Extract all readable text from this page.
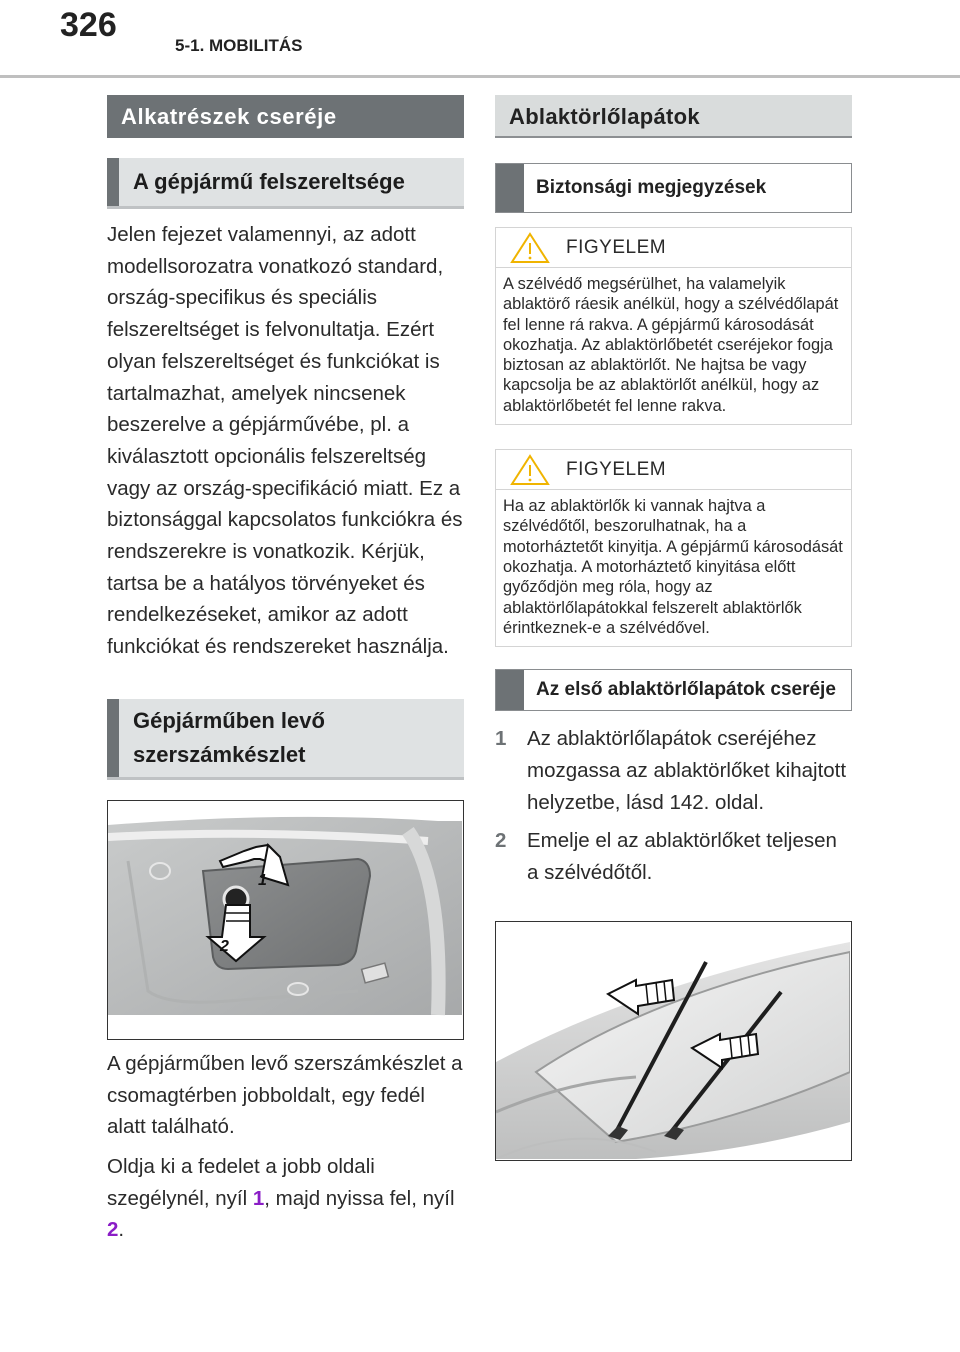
326
5-1. MOBILITÁS
Alkatrészek cseréje
A gépjármű felszereltsége

Jelen fejezet valamennyi, az adott modellsorozatra vonatkozó standard, ország-specifikus és speciális felszereltséget is felvonultatja. Ezért olyan felszereltséget és funkciókat is tartalmazhat, amelyek nincsenek beszerelve a gépjárművébe, pl. a kiválasztott opcionális felszereltség vagy az ország-specifikáció miatt. Ez a biztonsággal kapcsolatos funkciókra és rendszerekre is vonatkozik. Kérjük, tartsa be a hatályos törvényeket és rendelkezéseket, amikor az adott funkciókat és rendszereket használja.

Gépjárműben levő szerszámkészlet
1
2

A gépjárműben levő szerszámkészlet a csomagtérben jobboldalt, egy fedél alatt található.

Oldja ki a fedelet a jobb oldali szegélynél, nyíl 1, majd nyissa fel, nyíl 2.

Ablaktörlőlapátok
Biztonsági megjegyzések
FIGYELEM
A szélvédő megsérülhet, ha valamelyik ablaktörő ráesik anélkül, hogy a szélvédőlapát fel lenne rá rakva. A gépjármű károsodását okozhatja. Az ablaktörlőbetét cseréjekor fogja biztosan az ablaktörlőt. Ne hajtsa be vagy kapcsolja be az ablaktörlőt anélkül, hogy az ablaktörlőbetét fel lenne rakva.
FIGYELEM
Ha az ablaktörlők ki vannak hajtva a szélvédőtől, beszorulhatnak, ha a motorháztetőt kinyitja. A gépjármű károsodását okozhatja. A motorháztető kinyitása előtt győződjön meg róla, hogy az ablaktörlőlapátokkal felszerelt ablaktörlők érintkeznek-e a szélvédővel.
Az első ablaktörlőlapátok cseréje
1	Az ablaktörlőlapátok cseréjéhez mozgassa az ablaktörlőket kihajtott helyzetbe, lásd 142. oldal.
2	Emelje el az ablaktörlőket teljesen a szélvédőtől.
